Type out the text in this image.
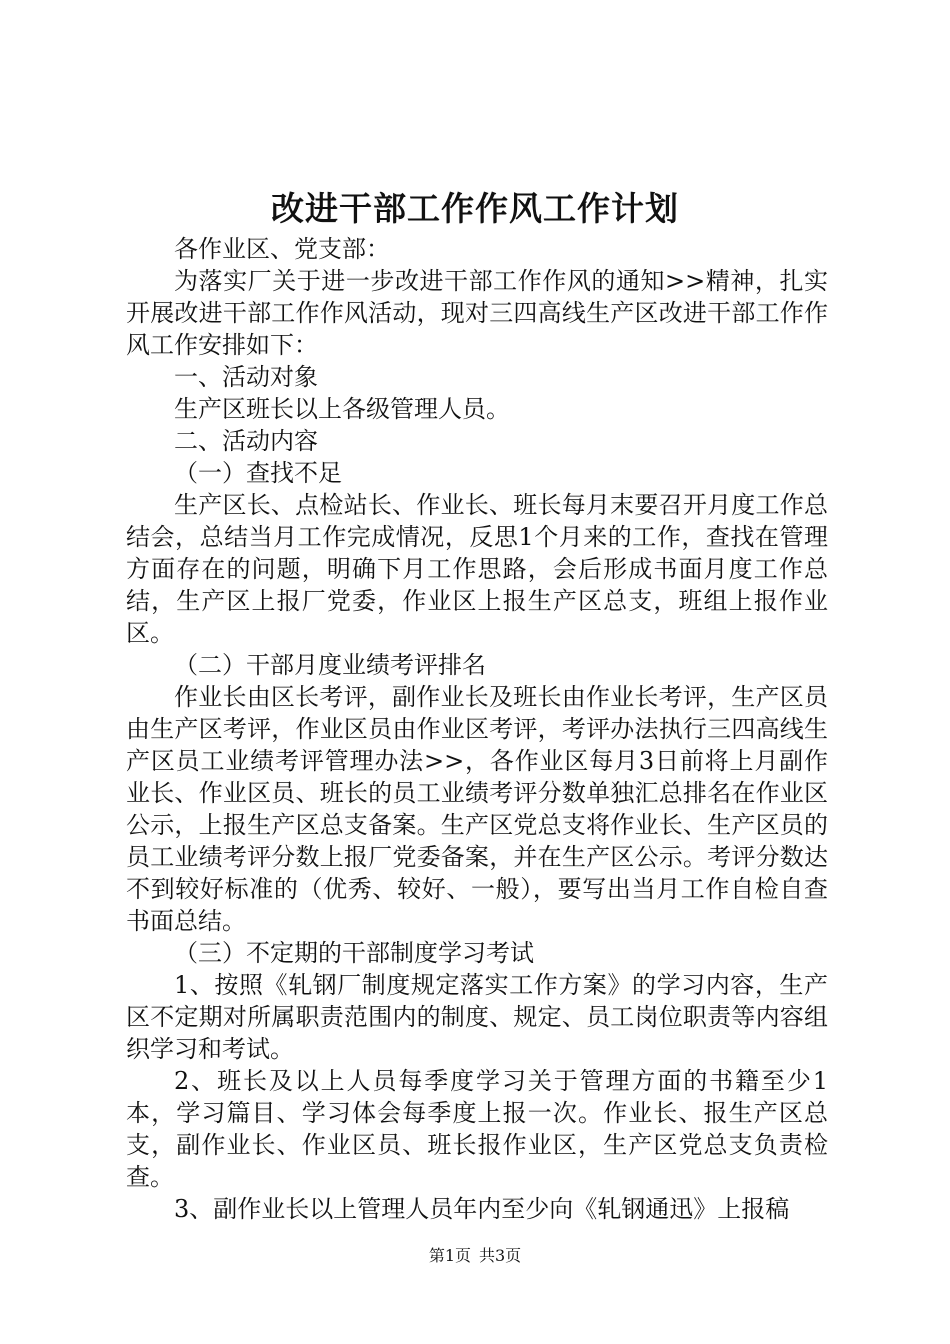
改进干部工作作风工作计划

各作业区、党支部：

为落实厂关于进一步改进干部工作作风的通知>>精神，扎实开展改进干部工作作风活动，现对三四高线生产区改进干部工作作风工作安排如下：

一、活动对象

生产区班长以上各级管理人员。

二、活动内容

（一）查找不足

生产区长、点检站长、作业长、班长每月末要召开月度工作总结会，总结当月工作完成情况，反思1个月来的工作，查找在管理方面存在的问题，明确下月工作思路，会后形成书面月度工作总结，生产区上报厂党委，作业区上报生产区总支，班组上报作业区。

（二）干部月度业绩考评排名

作业长由区长考评，副作业长及班长由作业长考评，生产区员由生产区考评，作业区员由作业区考评，考评办法执行三四高线生产区员工业绩考评管理办法>>，各作业区每月3日前将上月副作业长、作业区员、班长的员工业绩考评分数单独汇总排名在作业区公示，上报生产区总支备案。生产区党总支将作业长、生产区员的员工业绩考评分数上报厂党委备案，并在生产区公示。考评分数达不到较好标准的（优秀、较好、一般），要写出当月工作自检自查书面总结。

（三）不定期的干部制度学习考试

1、按照《轧钢厂制度规定落实工作方案》的学习内容，生产区不定期对所属职责范围内的制度、规定、员工岗位职责等内容组织学习和考试。

2、班长及以上人员每季度学习关于管理方面的书籍至少1本，学习篇目、学习体会每季度上报一次。作业长、报生产区总支，副作业长、作业区员、班长报作业区，生产区党总支负责检查。

3、副作业长以上管理人员年内至少向《轧钢通迅》上报稿

第1页 共3页
